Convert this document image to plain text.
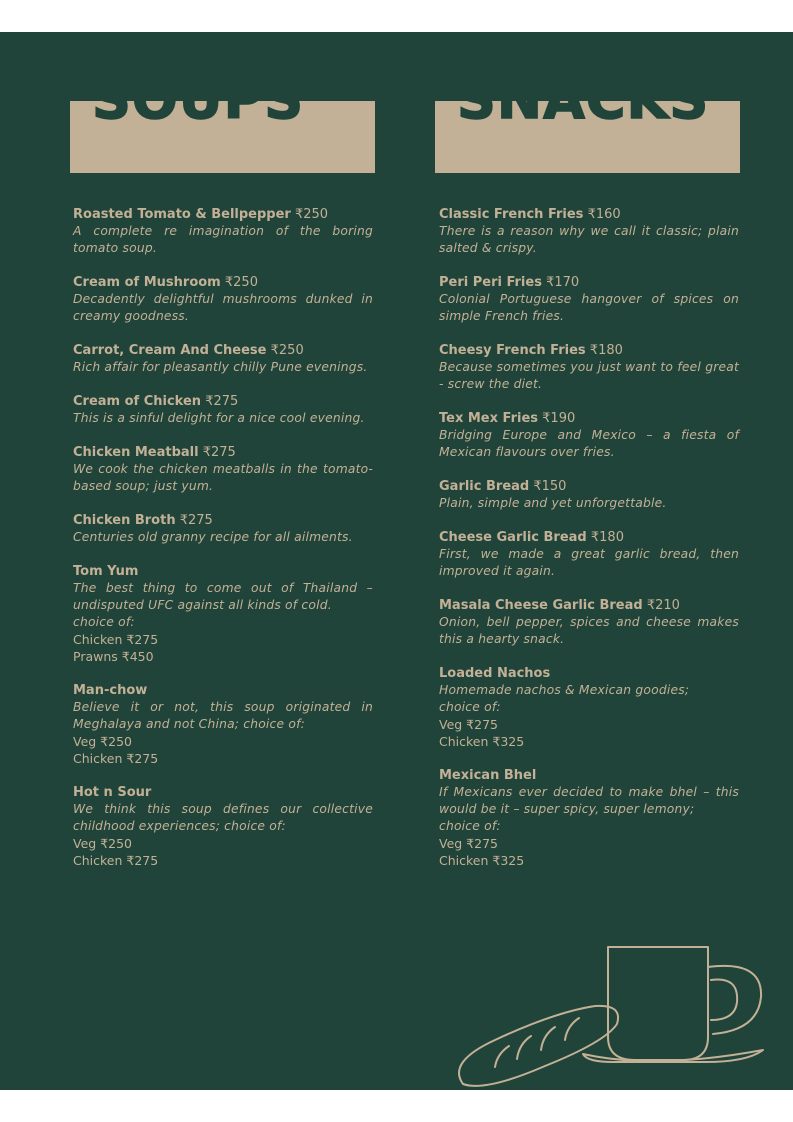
SOUPS	SNACKS
Roasted Tomato & Bellpepper ₹250
A complete re imagination of the boring tomato soup.
Cream of Mushroom ₹250
Decadently delightful mushrooms dunked in creamy goodness.
Carrot, Cream And Cheese ₹250
Rich affair for pleasantly chilly Pune evenings.
Cream of Chicken ₹275
This is a sinful delight for a nice cool evening.
Chicken Meatball ₹275
We cook the chicken meatballs in the tomato-based soup; just yum.
Chicken Broth ₹275
Centuries old granny recipe for all ailments.
Tom Yum
The best thing to come out of Thailand – undisputed UFC against all kinds of cold.
choice of:
Chicken ₹275
Prawns ₹450
Man-chow
Believe it or not, this soup originated in Meghalaya and not China; choice of:
Veg ₹250
Chicken ₹275
Hot n Sour
We think this soup defines our collective childhood experiences; choice of:
Veg ₹250
Chicken ₹275
Classic French Fries ₹160
There is a reason why we call it classic; plain salted & crispy.
Peri Peri Fries ₹170
Colonial Portuguese hangover of spices on simple French fries.
Cheesy French Fries ₹180
Because sometimes you just want to feel great - screw the diet.
Tex Mex Fries ₹190
Bridging Europe and Mexico – a fiesta of Mexican flavours over fries.
Garlic Bread ₹150
Plain, simple and yet unforgettable.
Cheese Garlic Bread ₹180
First, we made a great garlic bread, then improved it again.
Masala Cheese Garlic Bread ₹210
Onion, bell pepper, spices and cheese makes this a hearty snack.
Loaded Nachos
Homemade nachos & Mexican goodies;
choice of:
Veg ₹275
Chicken ₹325
Mexican Bhel
If Mexicans ever decided to make bhel – this would be it – super spicy, super lemony;
choice of:
Veg ₹275
Chicken ₹325
